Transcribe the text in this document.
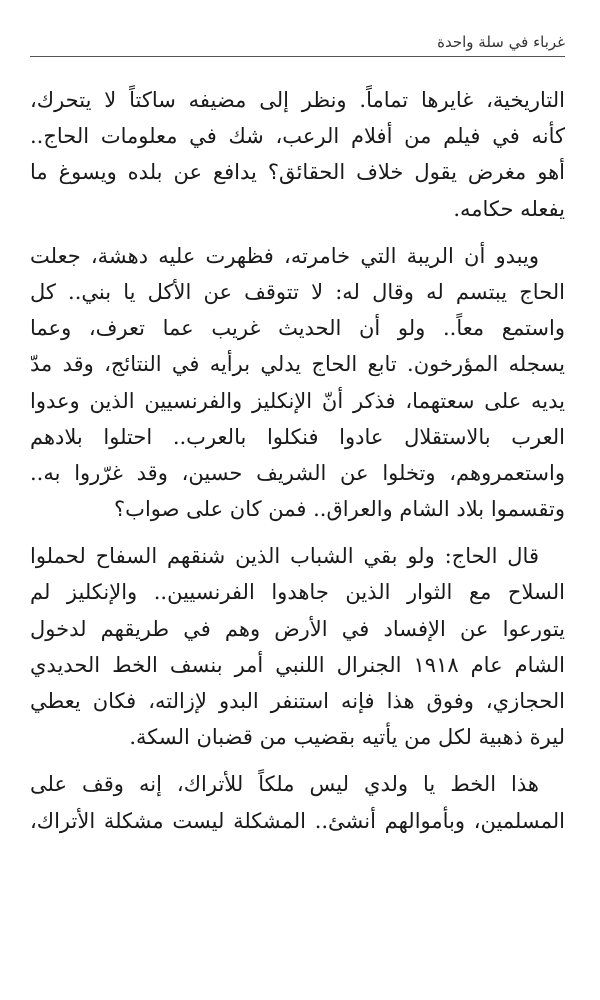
غرباء في سلة واحدة
التاريخية، غايرها تماماً. ونظر إلى مضيفه ساكتاً لا يتحرك،
كأنه في فيلم من أفلام الرعب، شك في معلومات الحاج..
أهو مغرض يقول خلاف الحقائق؟ يدافع عن بلده ويسوغ ما
يفعله حكامه.
ويبدو أن الريبة التي خامرته، فظهرت عليه دهشة، جعلت
الحاج يبتسم له وقال له: لا تتوقف عن الأكل يا بني.. كل
واستمع معاً.. ولو أن الحديث غريب عما تعرف، وعما
يسجله المؤرخون. تابع الحاج يدلي برأيه في النتائج، وقد مدّ
يديه على سعتهما، فذكر أنّ الإنكليز والفرنسيين الذين وعدوا
العرب بالاستقلال عادوا فنكلوا بالعرب.. احتلوا بلادهم
واستعمروهم، وتخلوا عن الشريف حسين، وقد غرّروا به..
وتقسموا بلاد الشام والعراق.. فمن كان على صواب؟
قال الحاج: ولو بقي الشباب الذين شنقهم السفاح لحملوا
السلاح مع الثوار الذين جاهدوا الفرنسيين.. والإنكليز لم
يتورعوا عن الإفساد في الأرض وهم في طريقهم لدخول
الشام عام ١٩١٨ الجنرال اللنبي أمر بنسف الخط الحديدي
الحجازي، وفوق هذا فإنه استنفر البدو لإزالته، فكان يعطي
ليرة ذهبية لكل من يأتيه بقضيب من قضبان السكة.
هذا الخط يا ولدي ليس ملكاً للأتراك، إنه وقف على
المسلمين، وبأموالهم أنشئ.. المشكلة ليست مشكلة الأتراك،
